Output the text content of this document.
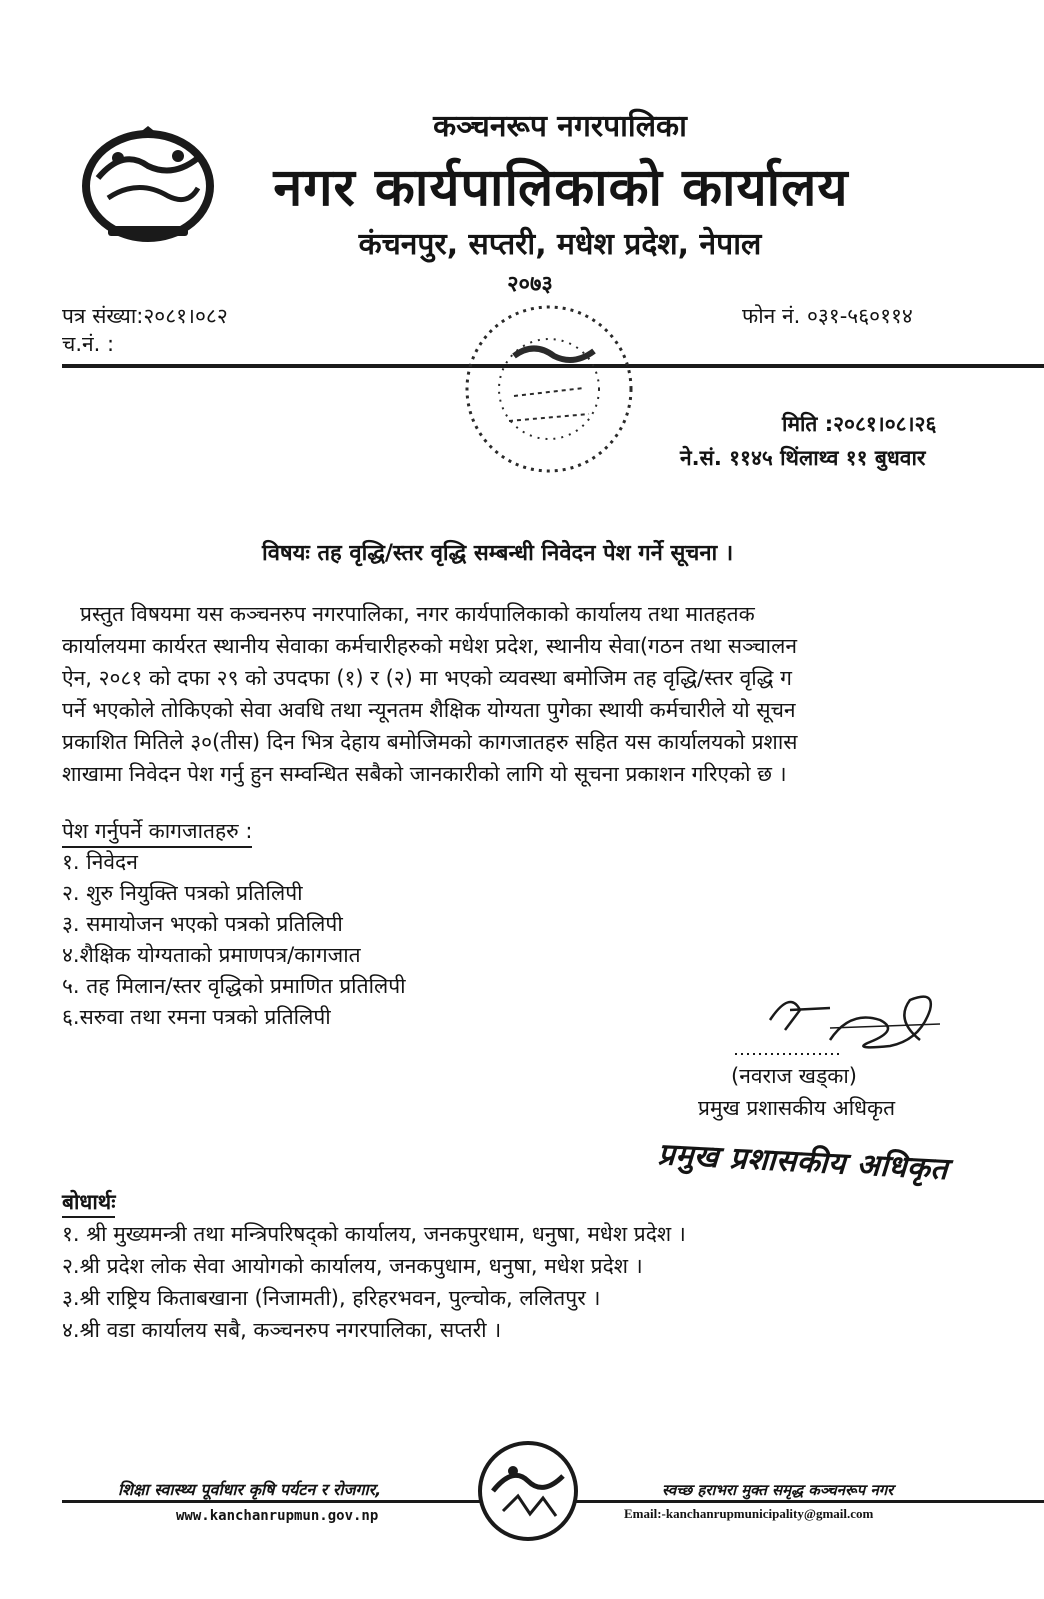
कञ्चनरूप नगरपालिका
नगर कार्यपालिकाको कार्यालय
कंचनपुर, सप्तरी, मधेश प्रदेश, नेपाल
२०७३
पत्र संख्या:२०८१।०८२
च.नं. :
फोन नं. ०३१-५६०११४
मिति :२०८१।०८।२६
ने.सं. ११४५ थिंलाथ्व ११ बुधवार
विषयः तह वृद्धि/स्तर वृद्धि सम्बन्धी निवेदन पेश गर्ने सूचना ।
प्रस्तुत विषयमा यस कञ्चनरुप नगरपालिका, नगर कार्यपालिकाको कार्यालय तथा मातहतक
कार्यालयमा कार्यरत स्थानीय सेवाका कर्मचारीहरुको मधेश प्रदेश, स्थानीय सेवा(गठन तथा सञ्चालन
ऐन, २०८१ को दफा २९ को उपदफा (१) र (२) मा भएको व्यवस्था बमोजिम तह वृद्धि/स्तर वृद्धि ग
पर्ने भएकोले तोकिएको सेवा अवधि तथा न्यूनतम शैक्षिक योग्यता पुगेका स्थायी कर्मचारीले यो सूचन
प्रकाशित मितिले ३०(तीस) दिन भित्र देहाय बमोजिमको कागजातहरु सहित यस कार्यालयको प्रशास
शाखामा निवेदन पेश गर्नु हुन सम्वन्धित सबैको जानकारीको लागि यो सूचना प्रकाशन गरिएको छ ।
पेश गर्नुपर्ने कागजातहरु :
१. निवेदन
२. शुरु नियुक्ति पत्रको प्रतिलिपी
३. समायोजन भएको पत्रको प्रतिलिपी
४.शैक्षिक योग्यताको प्रमाणपत्र/कागजात
५. तह मिलान/स्तर वृद्धिको प्रमाणित प्रतिलिपी
६.सरुवा तथा रमना पत्रको प्रतिलिपी
(नवराज खड्का)
प्रमुख प्रशासकीय अधिकृत
प्रमुख प्रशासकीय अधिकृत
बोधार्थः
१. श्री मुख्यमन्त्री तथा मन्त्रिपरिषद्को कार्यालय, जनकपुरधाम, धनुषा, मधेश प्रदेश ।
२.श्री प्रदेश लोक सेवा आयोगको कार्यालय, जनकपुधाम, धनुषा, मधेश प्रदेश ।
३.श्री राष्ट्रिय किताबखाना (निजामती), हरिहरभवन, पुल्चोक, ललितपुर ।
४.श्री वडा कार्यालय सबै, कञ्चनरुप नगरपालिका, सप्तरी ।
शिक्षा स्वास्थ्य पूर्वाधार कृषि पर्यटन र रोजगार,	स्वच्छ हराभरा मुक्त समृद्ध कञ्चनरूप नगर
www.kanchanrupmun.gov.np	Email:-kanchanrupmunicipality@gmail.com
